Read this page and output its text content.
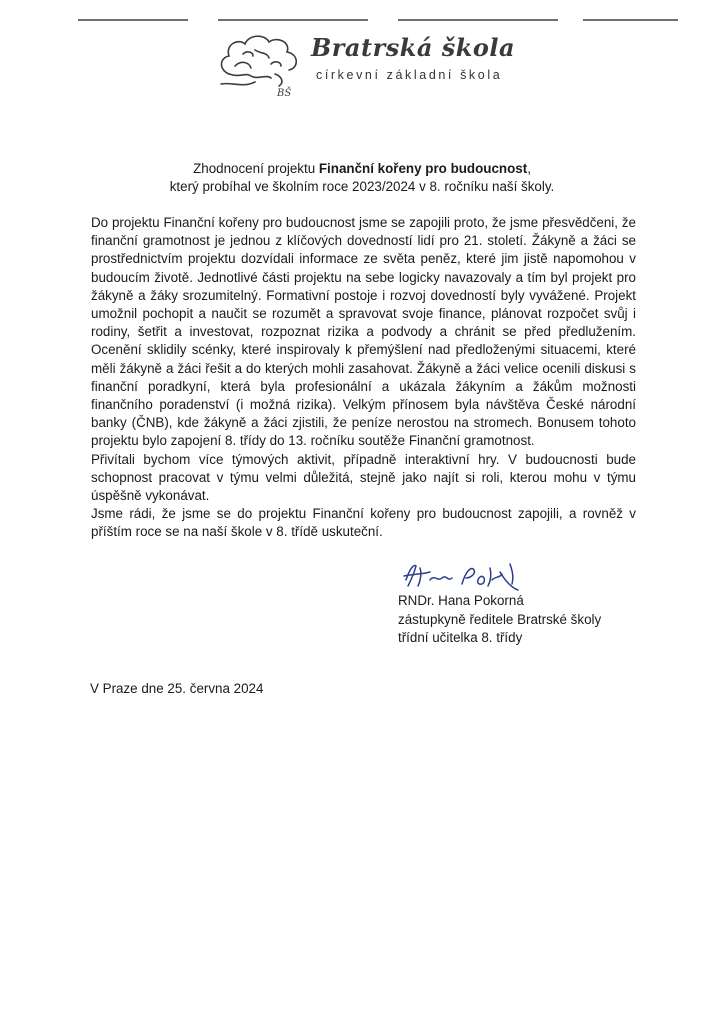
BŠ
Bratrská škola
církevní základní škola
Zhodnocení projektu Finanční kořeny pro budoucnost,
který probíhal ve školním roce 2023/2024 v 8. ročníku naší školy.

Do projektu Finanční kořeny pro budoucnost jsme se zapojili proto, že jsme přesvědčeni, že finanční gramotnost je jednou z klíčových dovedností lidí pro 21. století. Žákyně a žáci se prostřednictvím projektu dozvídali informace ze světa peněz, které jim jistě napomohou v budoucím životě. Jednotlivé části projektu na sebe logicky navazovaly a tím byl projekt pro žákyně a žáky srozumitelný. Formativní postoje i rozvoj dovedností byly vyvážené. Projekt umožnil pochopit a naučit se rozumět a spravovat svoje finance, plánovat rozpočet svůj i rodiny, šetřit a investovat, rozpoznat rizika a podvody a chránit se před předlužením. Ocenění sklidily scénky, které inspirovaly k přemýšlení nad předloženými situacemi, které měli žákyně a žáci řešit a do kterých mohli zasahovat. Žákyně a žáci velice ocenili diskusi s finanční poradkyní, která byla profesionální a ukázala žákyním a žákům možnosti finančního poradenství (i možná rizika). Velkým přínosem byla návštěva České národní banky (ČNB), kde žákyně a žáci zjistili, že peníze nerostou na stromech. Bonusem tohoto projektu bylo zapojení 8. třídy do 13. ročníku soutěže Finanční gramotnost.

Přivítali bychom více týmových aktivit, případně interaktivní hry. V budoucnosti bude schopnost pracovat v týmu velmi důležitá, stejně jako najít si roli, kterou mohu v týmu úspěšně vykonávat.

Jsme rádi, že jsme se do projektu Finanční kořeny pro budoucnost zapojili, a rovněž v příštím roce se na naší škole v 8. třídě uskuteční.

RNDr. Hana Pokorná
zástupkyně ředitele Bratrské školy
třídní učitelka 8. třídy
V Praze dne 25. června 2024
